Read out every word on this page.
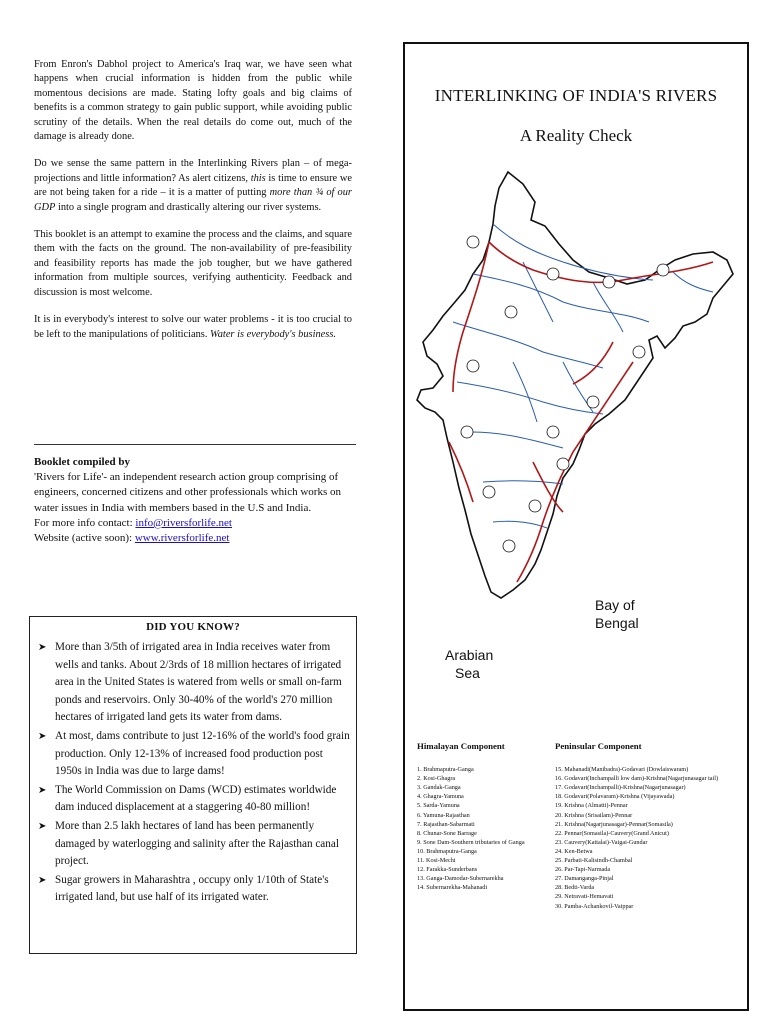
From Enron's Dabhol project to America's Iraq war, we have seen what happens when crucial information is hidden from the public while momentous decisions are made. Stating lofty goals and big claims of benefits is a common strategy to gain public support, while avoiding public scrutiny of the details. When the real details do come out, much of the damage is already done.

Do we sense the same pattern in the Interlinking Rivers plan – of mega-projections and little information? As alert citizens, this is time to ensure we are not being taken for a ride – it is a matter of putting more than ¾ of our GDP into a single program and drastically altering our river systems.

This booklet is an attempt to examine the process and the claims, and square them with the facts on the ground. The non-availability of pre-feasibility and feasibility reports has made the job tougher, but we have gathered information from multiple sources, verifying authenticity. Feedback and discussion is most welcome.

It is in everybody's interest to solve our water problems - it is too crucial to be left to the manipulations of politicians. Water is everybody's business.

Booklet compiled by
'Rivers for Life'- an independent research action group comprising of engineers, concerned citizens and other professionals which works on water issues in India with members based in the U.S and India.
For more info contact: info@riversforlife.net
Website (active soon): www.riversforlife.net
DID YOU KNOW?
➤ More than 3/5th of irrigated area in India receives water from wells and tanks. About 2/3rds of 18 million hectares of irrigated area in the United States is watered from wells or small on-farm ponds and reservoirs. Only 30-40% of the world's 270 million hectares of irrigated land gets its water from dams.
➤ At most, dams contribute to just 12-16% of the world's food grain production. Only 12-13% of increased food production post 1950s in India was due to large dams!
➤ The World Commission on Dams (WCD) estimates worldwide dam induced displacement at a staggering 40-80 million!
➤ More than 2.5 lakh hectares of land has been permanently damaged by waterlogging and salinity after the Rajasthan canal project.
➤ Sugar growers in Maharashtra , occupy only 1/10th of State's irrigated land, but use half of its irrigated water.
INTERLINKING OF INDIA'S RIVERS
A Reality Check
Bay of
Bengal
Arabian
Sea
Himalayan Component
1. Brahmaputra-Ganga
2. Kosi-Ghagra
3. Gandak-Ganga
4. Ghagra-Yamuna
5. Sarda-Yamuna
6. Yamuna-Rajasthan
7. Rajasthan-Sabarmati
8. Chunar-Sone Barrage
9. Sone Dam-Southern tributaries of Ganga
10. Brahmaputra-Ganga
11. Kosi-Mechi
12. Farakka-Sunderbans
13. Ganga-Damodar-Subernarekha
14. Subernarekha-Mahanadi
Peninsular Component
15. Mahanadi(Manibadra)-Godavari (Dowlaiswaram)
16. Godavari(Inchampalli low dam)-Krishna(Nagarjunasagar tail)
17. Godavari(Inchampalli)-Krishna(Nagarjunasagar)
18. Godavari(Polavaram)-Krishna (Vijayawada)
19. Krishna (Almatti)-Pennar
20. Krishna (Srisailam)-Pennar
21. Krishna(Nagarjunasagar)-Pennar(Somasila)
22. Pennar(Somasila)-Cauvery(Grand Anicut)
23. Cauvery(Kattalai)-Vaigai-Gundar
24. Ken-Betwa
25. Parbati-Kalisindh-Chambal
26. Par-Tapi-Narmada
27. Damanganga-Pinjal
28. Bedti-Varda
29. Netravati-Hemavati
30. Pamba-Achankovil-Vaippar
